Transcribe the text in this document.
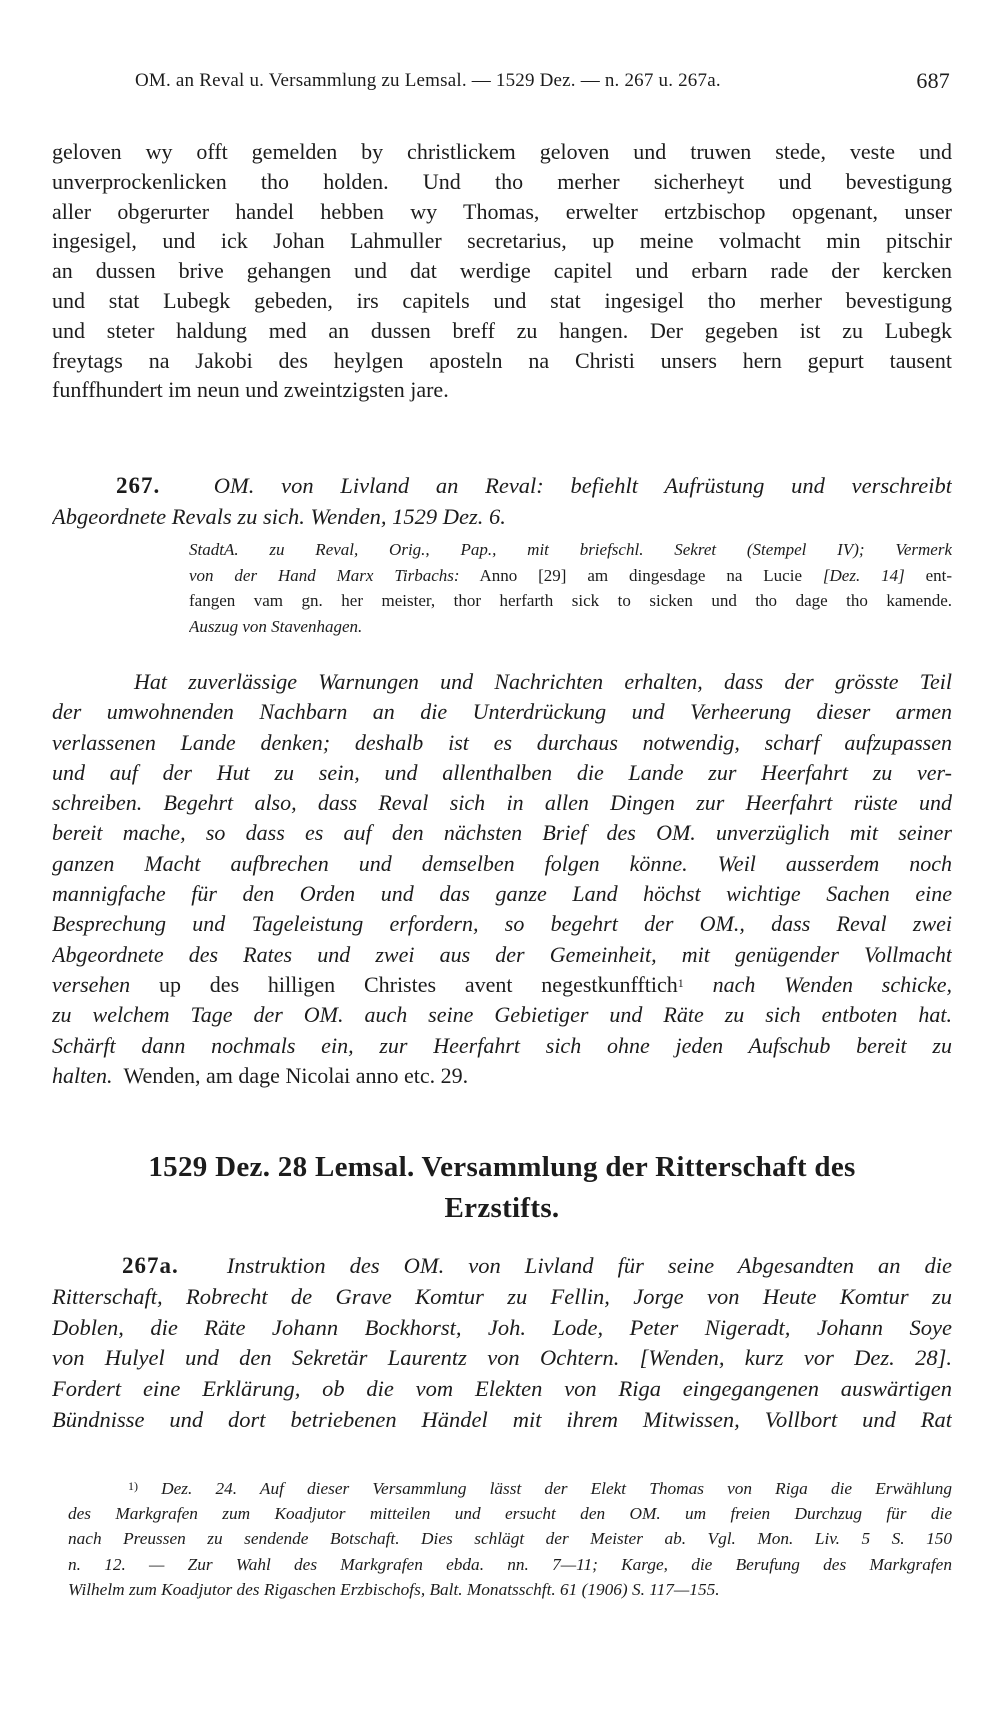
OM. an Reval u. Versammlung zu Lemsal. — 1529 Dez. — n. 267 u. 267a.	687
geloven wy offt gemelden by christlickem geloven und truwen stede, veste und
unverprockenlicken tho holden. Und tho merher sicherheyt und bevestigung
aller obgerurter handel hebben wy Thomas, erwelter ertzbischop opgenant, unser
ingesigel, und ick Johan Lahmuller secretarius, up meine volmacht min pitschir
an dussen brive gehangen und dat werdige capitel und erbarn rade der kercken
und stat Lubegk gebeden, irs capitels und stat ingesigel tho merher bevestigung
und steter haldung med an dussen breff zu hangen. Der gegeben ist zu Lubegk
freytags na Jakobi des heylgen aposteln na Christi unsers hern gepurt tausent
funffhundert im neun und zweintzigsten jare.
267. OM. von Livland an Reval: befiehlt Aufrüstung und verschreibt
Abgeordnete Revals zu sich. Wenden, 1529 Dez. 6.
StadtA. zu Reval, Orig., Pap., mit briefschl. Sekret (Stempel IV); Vermerk
von der Hand Marx Tirbachs: Anno [29] am dingesdage na Lucie [Dez. 14] ent-
fangen vam gn. her meister, thor herfarth sick to sicken und tho dage tho kamende.
Auszug von Stavenhagen.
Hat zuverlässige Warnungen und Nachrichten erhalten, dass der grösste Teil
der umwohnenden Nachbarn an die Unterdrückung und Verheerung dieser armen
verlassenen Lande denken; deshalb ist es durchaus notwendig, scharf aufzupassen
und auf der Hut zu sein, und allenthalben die Lande zur Heerfahrt zu ver-
schreiben. Begehrt also, dass Reval sich in allen Dingen zur Heerfahrt rüste und
bereit mache, so dass es auf den nächsten Brief des OM. unverzüglich mit seiner
ganzen Macht aufbrechen und demselben folgen könne. Weil ausserdem noch
mannigfache für den Orden und das ganze Land höchst wichtige Sachen eine
Besprechung und Tageleistung erfordern, so begehrt der OM., dass Reval zwei
Abgeordnete des Rates und zwei aus der Gemeinheit, mit genügender Vollmacht
versehen up des hilligen Christes avent negestkunfftich$^1$ nach Wenden schicke,
zu welchem Tage der OM. auch seine Gebietiger und Räte zu sich entboten hat.
Schärft dann nochmals ein, zur Heerfahrt sich ohne jeden Aufschub bereit zu
halten. Wenden, am dage Nicolai anno etc. 29.
1529 Dez. 28 Lemsal. Versammlung der Ritterschaft des
Erzstifts.
267a. Instruktion des OM. von Livland für seine Abgesandten an die
Ritterschaft, Robrecht de Grave Komtur zu Fellin, Jorge von Heute Komtur zu
Doblen, die Räte Johann Bockhorst, Joh. Lode, Peter Nigeradt, Johann Soye
von Hulyel und den Sekretär Laurentz von Ochtern. [Wenden, kurz vor Dez. 28].
Fordert eine Erklärung, ob die vom Elekten von Riga eingegangenen auswärtigen
Bündnisse und dort betriebenen Händel mit ihrem Mitwissen, Vollbort und Rat
$^{1)}$ Dez. 24. Auf dieser Versammlung lässt der Elekt Thomas von Riga die Erwählung
des Markgrafen zum Koadjutor mitteilen und ersucht den OM. um freien Durchzug für die
nach Preussen zu sendende Botschaft. Dies schlägt der Meister ab. Vgl. Mon. Liv. 5 S. 150
n. 12. — Zur Wahl des Markgrafen ebda. nn. 7—11; Karge, die Berufung des Markgrafen
Wilhelm zum Koadjutor des Rigaschen Erzbischofs, Balt. Monatsschft. 61 (1906) S. 117—155.
